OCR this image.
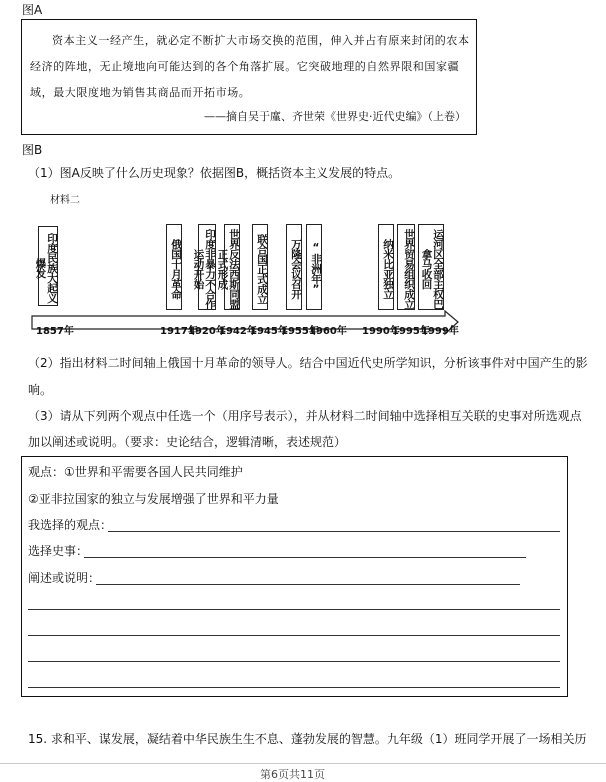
图A
资本主义一经产生，就必定不断扩大市场交换的范围，伸入并占有原来封闭的农本经济的阵地，无止境地向可能达到的各个角落扩展。它突破地理的自然界限和国家疆域，最大限度地为销售其商品而开拓市场。
——摘自吴于廑、齐世荣《世界史·近代史编》（上卷）
图B
（1）图A反映了什么历史现象？依据图B，概括资本主义发展的特点。
材料二
印度民族大起义爆发
1857年
俄国十月革命
1917年
印度非暴力不合作运动开始
1920年
世界反法西斯同盟正式形成
1942年
联合国正式成立
1945年
万隆会议召开
1955年
“非洲年”
1960年
纳米比亚独立
1990年
世界贸易组织成立
1995年
运河区全部主权巴拿马收回
1999年
（2）指出材料二时间轴上俄国十月革命的领导人。结合中国近代史所学知识，分析该事件对中国产生的影
响。
（3）请从下列两个观点中任选一个（用序号表示），并从材料二时间轴中选择相互关联的史事对所选观点
加以阐述或说明。（要求：史论结合，逻辑清晰，表述规范）
观点：①世界和平需要各国人民共同维护
②亚非拉国家的独立与发展增强了世界和平力量
我选择的观点：
选择史事：
阐述或说明：
15. 求和平、谋发展，凝结着中华民族生生不息、蓬勃发展的智慧。九年级（1）班同学开展了一场相关历
第6页共11页
